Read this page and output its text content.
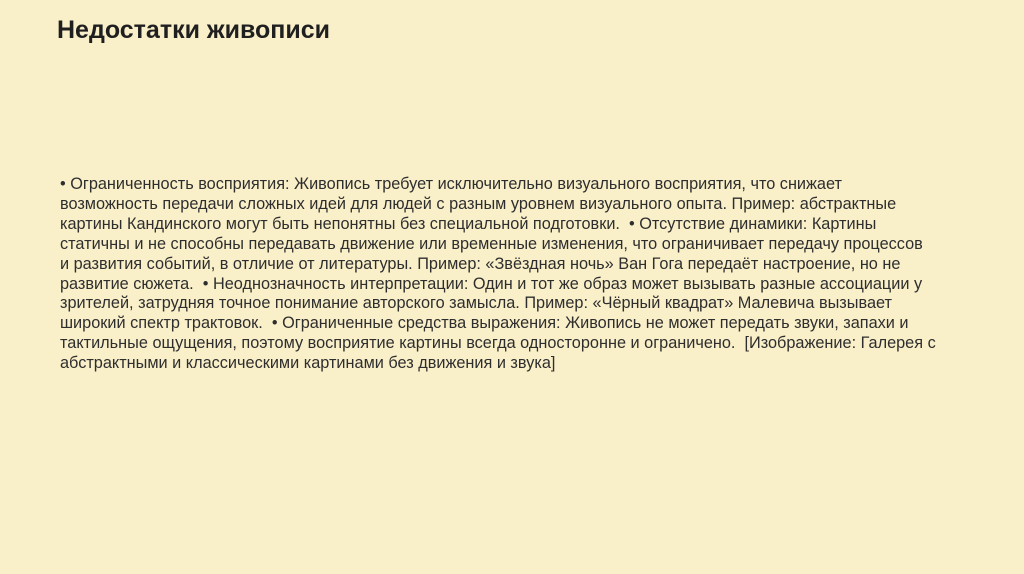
Недостатки живописи
• Ограниченность восприятия: Живопись требует исключительно визуального восприятия, что снижает
возможность передачи сложных идей для людей с разным уровнем визуального опыта. Пример: абстрактные
картины Кандинского могут быть непонятны без специальной подготовки.  • Отсутствие динамики: Картины
статичны и не способны передавать движение или временные изменения, что ограничивает передачу процессов
и развития событий, в отличие от литературы. Пример: «Звёздная ночь» Ван Гога передаёт настроение, но не
развитие сюжета.  • Неоднозначность интерпретации: Один и тот же образ может вызывать разные ассоциации у
зрителей, затрудняя точное понимание авторского замысла. Пример: «Чёрный квадрат» Малевича вызывает
широкий спектр трактовок.  • Ограниченные средства выражения: Живопись не может передать звуки, запахи и
тактильные ощущения, поэтому восприятие картины всегда односторонне и ограничено.  [Изображение: Галерея с
абстрактными и классическими картинами без движения и звука]
